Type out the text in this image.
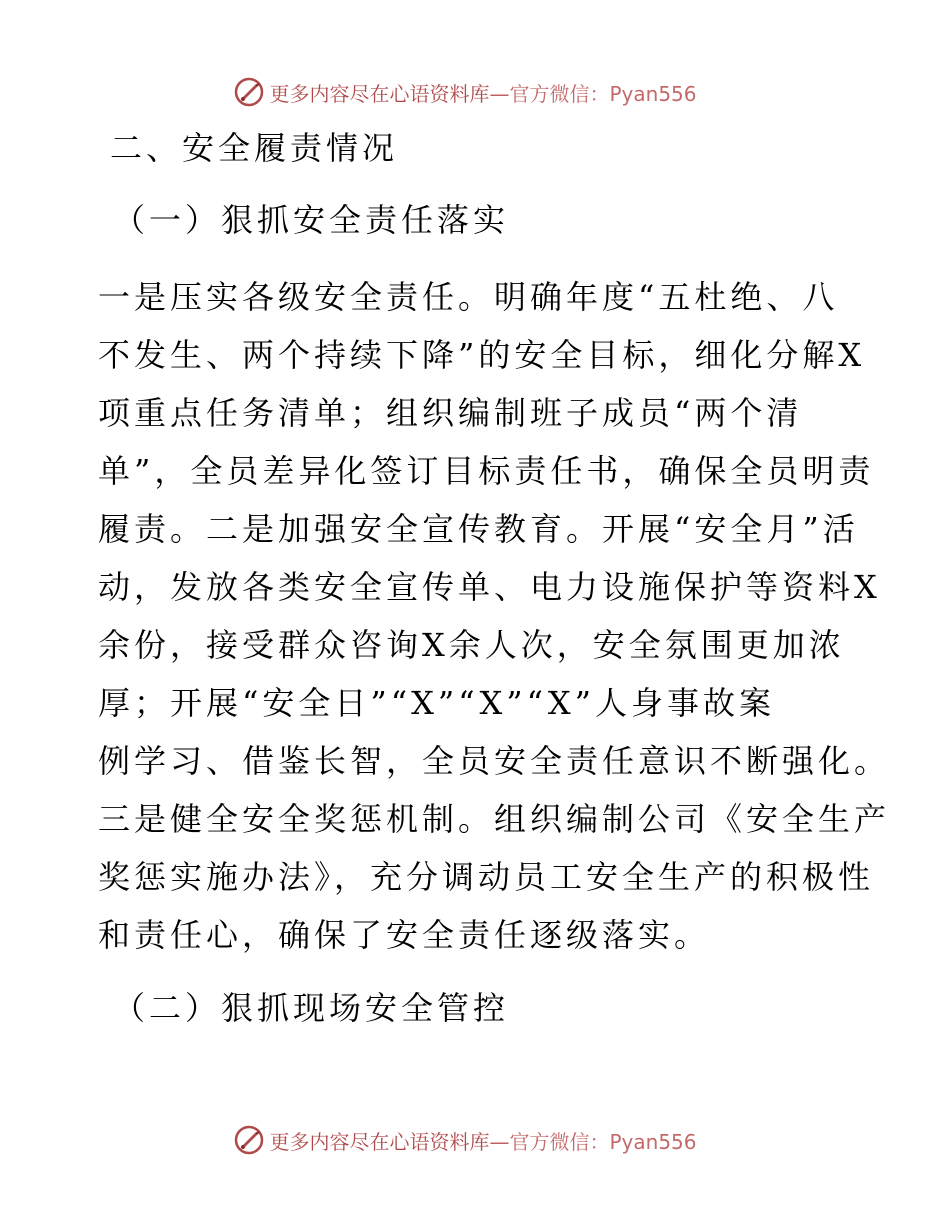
更多内容尽在心语资料库—官方微信：Pyan556
二、安全履责情况
（一）狠抓安全责任落实
一是压实各级安全责任。明确年度“五杜绝、八
不发生、两个持续下降”的安全目标，细化分解X
项重点任务清单；组织编制班子成员“两个清
单”，全员差异化签订目标责任书，确保全员明责
履责。二是加强安全宣传教育。开展“安全月”活
动，发放各类安全宣传单、电力设施保护等资料X
余份，接受群众咨询X余人次，安全氛围更加浓
厚；开展“安全日”“X”“X”“X”人身事故案
例学习、借鉴长智，全员安全责任意识不断强化。
三是健全安全奖惩机制。组织编制公司《安全生产
奖惩实施办法》，充分调动员工安全生产的积极性
和责任心，确保了安全责任逐级落实。
（二）狠抓现场安全管控
更多内容尽在心语资料库—官方微信：Pyan556
